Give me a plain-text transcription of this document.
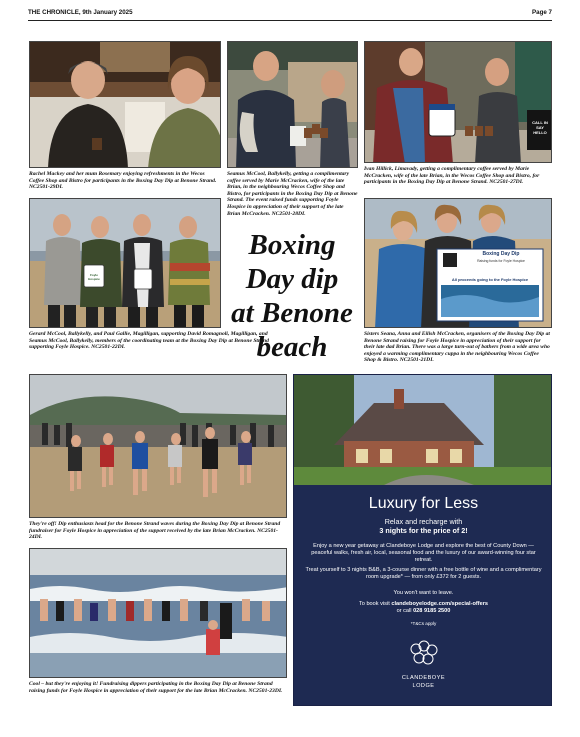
THE CHRONICLE, 9th January 2025	Page 7
Rachel Mackey and her mum Rosemary enjoying refreshments in the Wecos Coffee Shop and Bistro for participants in the Boxing Day Dip at Benone Strand. NC2501-29DL
Seamus McCool, Ballykelly, getting a complimentary coffee served by Marie McCracken, wife of the late Brian, in the neighbouring Wecos Coffee Shop and Bistro, for participants in the Boxing Day Dip at Benone Strand. The event raised funds supporting Foyle Hospice in appreciation of their support of the late Brian McCracken. NC2501-28DL
CALL IN SAY HELLO
Ivan Hillick, Limavady, getting a complimentary coffee served by Marie McCracken, wife of the late Brian, in the Wecos Coffee Shop and Bistro, for participants in the Boxing Day Dip at Benone Strand. NC2501-27DL
Foyle Hospice
Gerard McCool, Ballykelly, and Paul Gallie, Magilligan, supporting David Romagnoli, Magilligan, and Seamus McCool, Ballykelly, members of the coordinating team at the Boxing Day Dip at Benone Strand supporting Foyle Hospice. NC2501-22DL
Boxing
Day dip
at Benone
beach
Boxing Day Dip
Raising funds for Foyle Hospice
All proceeds going to the Foyle Hospice
Sisters Seana, Anna and Eilish McCracken, organisers of the Boxing Day Dip at Benone Strand raising for Foyle Hospice in appreciation of their support for their late dad Brian. There was a large turn-out of bathers from a wide area who enjoyed a warming complimentary cuppa in the neighbouring Wecos Coffee Shop & Bistro. NC2501-21DL
They're off! Dip enthusiasts head for the Benone Strand waves during the Boxing Day Dip at Benone Strand fundraiser for Foyle Hospice in appreciation of the support received by the late Brian McCracken. NC2501-24DL
Cool – but they're enjoying it! Fundraising dippers participating in the Boxing Day Dip at Benone Strand raising funds for Foyle Hospice in appreciation of their support for the late Brian McCracken. NC2501-23DL
Luxury for Less
Relax and recharge with
3 nights for the price of 2!
Enjoy a new year getaway at Clandeboye Lodge and explore the best of County Down — peaceful walks, fresh air, local, seasonal food and the luxury of our award-winning four star retreat.
Treat yourself to 3 nights B&B, a 3-course dinner with a free bottle of wine and a complimentary room upgrade* — from only £372 for 2 guests.
You won't want to leave.
To book visit clandeboyelodge.com/special-offers
or call 028 9185 2500
*T&Cs apply
CLANDEBOYE
LODGE
